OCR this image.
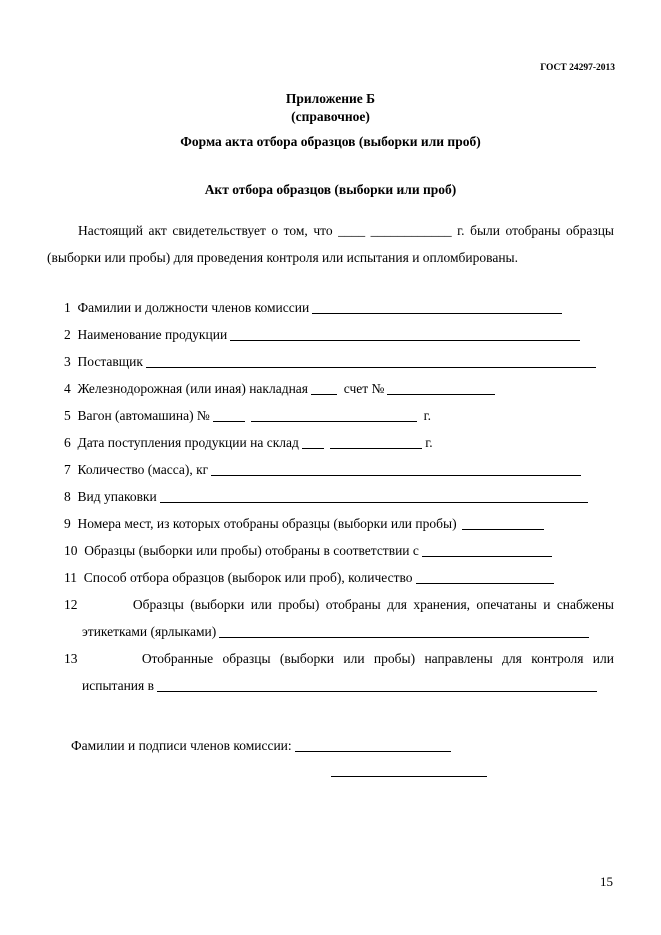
ГОСТ 24297-2013
Приложение Б
(справочное)
Форма акта отбора образцов (выборки или проб)
Акт отбора образцов (выборки или проб)
Настоящий акт свидетельствует о том, что ____ ____________ г. были отобраны образцы (выборки или пробы) для проведения контроля или испытания и опломбированы.
1
Фамилии и должности членов комиссии
2
Наименование продукции
3
Поставщик
4
Железнодорожная (или иная) накладная
	счет №
5
Вагон (автомашина) №
	г.
6
Дата поступления продукции на склад
	г.
7
Количество (масса), кг
8
Вид упаковки
9
Номера мест, из которых отобраны образцы (выборки или пробы)
10
Образцы (выборки или пробы) отобраны в соответствии с
11
Способ отбора образцов (выборок или проб), количество
12	Образцы (выборки или пробы) отобраны для хранения, опечатаны и снабжены
этикетками (ярлыками)
13	Отобранные образцы (выборки или пробы) направлены для контроля или
испытания в
Фамилии и подписи членов комиссии:
15
